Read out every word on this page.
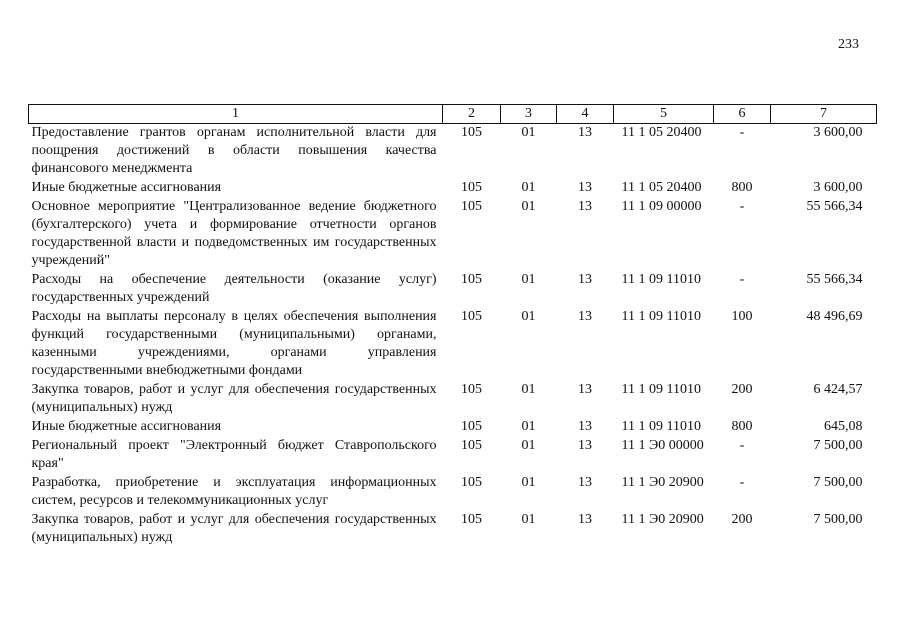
233
1	2	3	4	5	6	7
Предоставление грантов органам исполнительной власти для поощрения достижений в области повышения качества финансового менеджмента	105	01	13	11 1 05 20400	-	3 600,00
Иные бюджетные ассигнования	105	01	13	11 1 05 20400	800	3 600,00
Основное мероприятие "Централизованное ведение бюджетного (бухгалтерского) учета и формирование отчетности органов государственной власти и подведомственных им государственных учреждений"	105	01	13	11 1 09 00000	-	55 566,34
Расходы на обеспечение деятельности (оказание услуг) государственных учреждений	105	01	13	11 1 09 11010	-	55 566,34
Расходы на выплаты персоналу в целях обеспечения выполнения функций государственными (муниципальными) органами, казенными учреждениями, органами управления государственными внебюджетными фондами	105	01	13	11 1 09 11010	100	48 496,69
Закупка товаров, работ и услуг для обеспечения государственных (муниципальных) нужд	105	01	13	11 1 09 11010	200	6 424,57
Иные бюджетные ассигнования	105	01	13	11 1 09 11010	800	645,08
Региональный проект "Электронный бюджет Ставропольского края"	105	01	13	11 1 Э0 00000	-	7 500,00
Разработка, приобретение и эксплуатация информационных систем, ресурсов и телекоммуникационных услуг	105	01	13	11 1 Э0 20900	-	7 500,00
Закупка товаров, работ и услуг для обеспечения государственных (муниципальных) нужд	105	01	13	11 1 Э0 20900	200	7 500,00
